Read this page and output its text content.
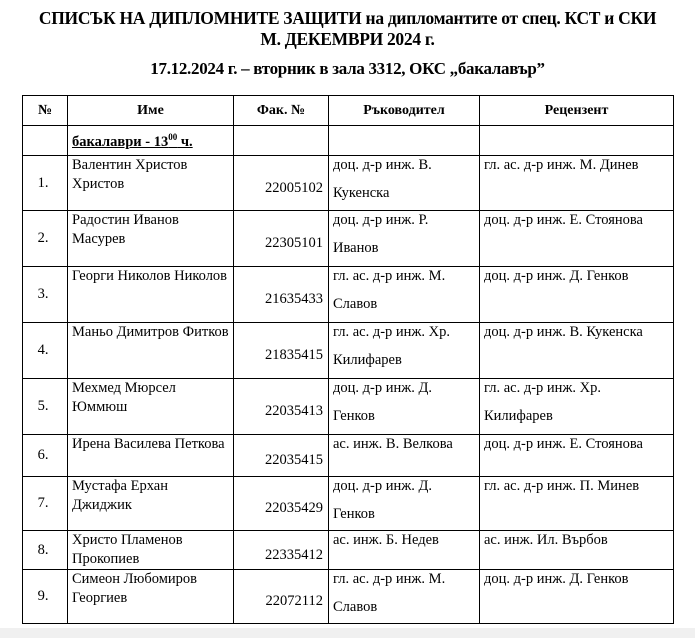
СПИСЪК НА ДИПЛОМНИТЕ ЗАЩИТИ на дипломантите от спец. КСТ и СКИ
М. ДЕКЕМВРИ 2024 г.
17.12.2024 г. – вторник в зала 3312, ОКС „бакалавър”
№	Име	Фак. №	Ръководител	Рецензент
	бакалаври - $13^{00}$ ч.			
1.	Валентин Христов Христов	22005102	доц. д-р инж. В. Кукенска	гл. ас. д-р инж. М. Динев

2.	Радостин Иванов Масурев	22305101	доц. д-р инж. Р. Иванов	доц. д-р инж. Е. Стоянова

3.	Георги Николов Николов	21635433	гл. ас. д-р инж. М. Славов	доц. д-р инж. Д. Генков

4.	Маньо Димитров Фитков	21835415	гл. ас. д-р инж. Хр. Килифарев	доц. д-р инж. В. Кукенска

5.	Мехмед Мюрсел Юммюш	22035413	доц. д-р инж. Д. Генков	гл. ас. д-р инж. Хр. Килифарев

6.	Ирена Василева Петкова	22035415	ас. инж. В. Велкова	доц. д-р инж. Е. Стоянова

7.	Мустафа Ерхан Джиджик	22035429	доц. д-р инж. Д. Генков	гл. ас. д-р инж. П. Минев

8.	Христо Пламенов Прокопиев	22335412	ас. инж. Б. Недев	ас. инж. Ил. Върбов

9.	Симеон Любомиров Георгиев	22072112	гл. ас. д-р инж. М. Славов	доц. д-р инж. Д. Генков
